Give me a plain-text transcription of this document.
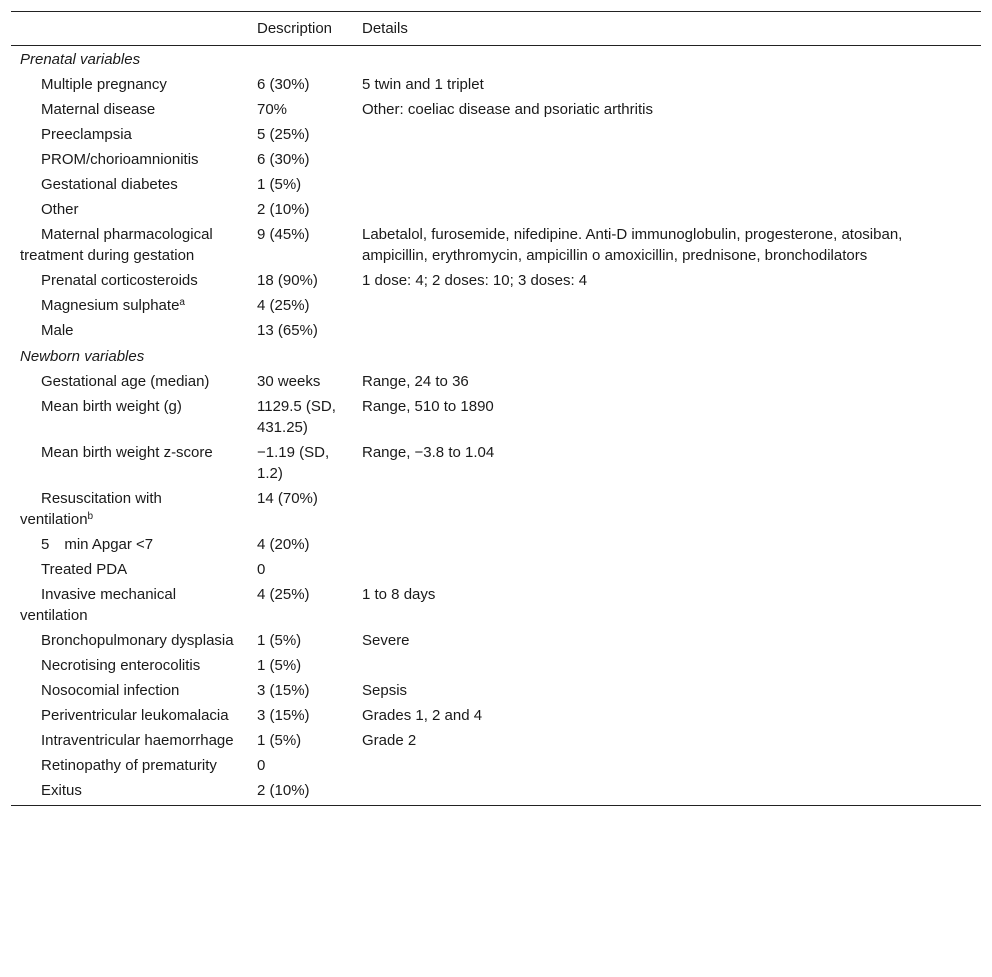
	Description	Details
Prenatal variables		
Multiple pregnancy	6 (30%)	5 twin and 1 triplet
Maternal disease	70%	Other: coeliac disease and psoriatic arthritis
Preeclampsia	5 (25%)	
PROM/chorioamnionitis	6 (30%)	
Gestational diabetes	1 (5%)	
Other	2 (10%)	
Maternal pharmacological treatment during gestation	9 (45%)	Labetalol, furosemide, nifedipine. Anti-D immunoglobulin, progesterone, atosiban, ampicillin, erythromycin, ampicillin o amoxicillin, prednisone, bronchodilators
Prenatal corticosteroids	18 (90%)	1 dose: 4; 2 doses: 10; 3 doses: 4
Magnesium sulphate$^a$	4 (25%)	
Male	13 (65%)	
Newborn variables		
Gestational age (median)	30 weeks	Range, 24 to 36
Mean birth weight (g)	1129.5 (SD, 431.25)	Range, 510 to 1890
Mean birth weight z-score	−1.19 (SD, 1.2)	Range, −3.8 to 1.04
Resuscitation with ventilation$^b$	14 (70%)	
5 min Apgar <7	4 (20%)	
Treated PDA	0	
Invasive mechanical ventilation	4 (25%)	1 to 8 days
Bronchopulmonary dysplasia	1 (5%)	Severe
Necrotising enterocolitis	1 (5%)	
Nosocomial infection	3 (15%)	Sepsis
Periventricular leukomalacia	3 (15%)	Grades 1, 2 and 4
Intraventricular haemorrhage	1 (5%)	Grade 2
Retinopathy of prematurity	0	
Exitus	2 (10%)	
